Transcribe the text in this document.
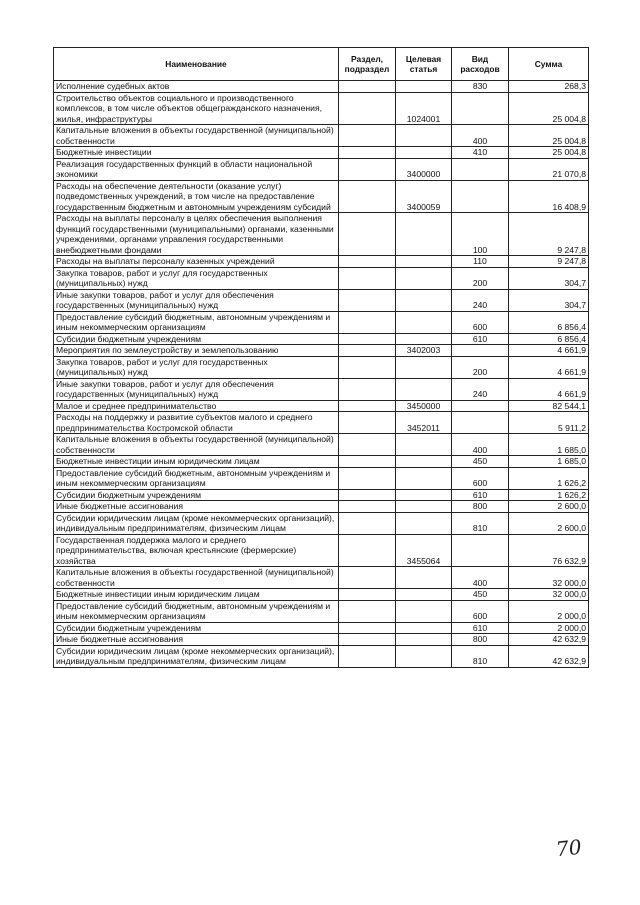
Наименование	Раздел, подраздел	Целевая статья	Вид расходов	Сумма
Исполнение судебных актов			830	268,3
Строительство объектов социального и производственного комплексов, в том числе объектов общегражданского назначения, жилья, инфраструктуры		1024001		25 004,8
Капитальные вложения в объекты государственной (муниципальной) собственности			400	25 004,8
Бюджетные инвестиции			410	25 004,8
Реализация государственных функций в области национальной экономики		3400000		21 070,8
Расходы на обеспечение деятельности (оказание услуг) подведомственных учреждений, в том числе на предоставление государственным бюджетным и автономным учреждениям субсидий		3400059		16 408,9
Расходы на выплаты персоналу в целях обеспечения выполнения функций государственными (муниципальными) органами, казенными учреждениями, органами управления государственными внебюджетными фондами			100	9 247,8
Расходы на выплаты персоналу казенных учреждений			110	9 247,8
Закупка товаров, работ и услуг для государственных (муниципальных) нужд			200	304,7
Иные закупки товаров, работ и услуг для обеспечения государственных (муниципальных) нужд			240	304,7
Предоставление субсидий бюджетным, автономным учреждениям и иным некоммерческим организациям			600	6 856,4
Субсидии бюджетным учреждениям			610	6 856,4
Мероприятия по землеустройству и землепользованию		3402003		4 661,9
Закупка товаров, работ и услуг для государственных (муниципальных) нужд			200	4 661,9
Иные закупки товаров, работ и услуг для обеспечения государственных (муниципальных) нужд			240	4 661,9
Малое и среднее предпринимательство		3450000		82 544,1
Расходы на поддержку и развитие субъектов малого и среднего предпринимательства Костромской области		3452011		5 911,2
Капитальные вложения в объекты государственной (муниципальной) собственности			400	1 685,0
Бюджетные инвестиции иным юридическим лицам			450	1 685,0
Предоставление субсидий бюджетным, автономным учреждениям и иным некоммерческим организациям			600	1 626,2
Субсидии бюджетным учреждениям			610	1 626,2
Иные бюджетные ассигнования			800	2 600,0
Субсидии юридическим лицам (кроме некоммерческих организаций), индивидуальным предпринимателям, физическим лицам			810	2 600,0
Государственная поддержка малого и среднего предпринимательства, включая крестьянские (фермерские) хозяйства		3455064		76 632,9
Капитальные вложения в объекты государственной (муниципальной) собственности			400	32 000,0
Бюджетные инвестиции иным юридическим лицам			450	32 000,0
Предоставление субсидий бюджетным, автономным учреждениям и иным некоммерческим организациям			600	2 000,0
Субсидии бюджетным учреждениям			610	2 000,0
Иные бюджетные ассигнования			800	42 632,9
Субсидии юридическим лицам (кроме некоммерческих организаций), индивидуальным предпринимателям, физическим лицам			810	42 632,9
70
